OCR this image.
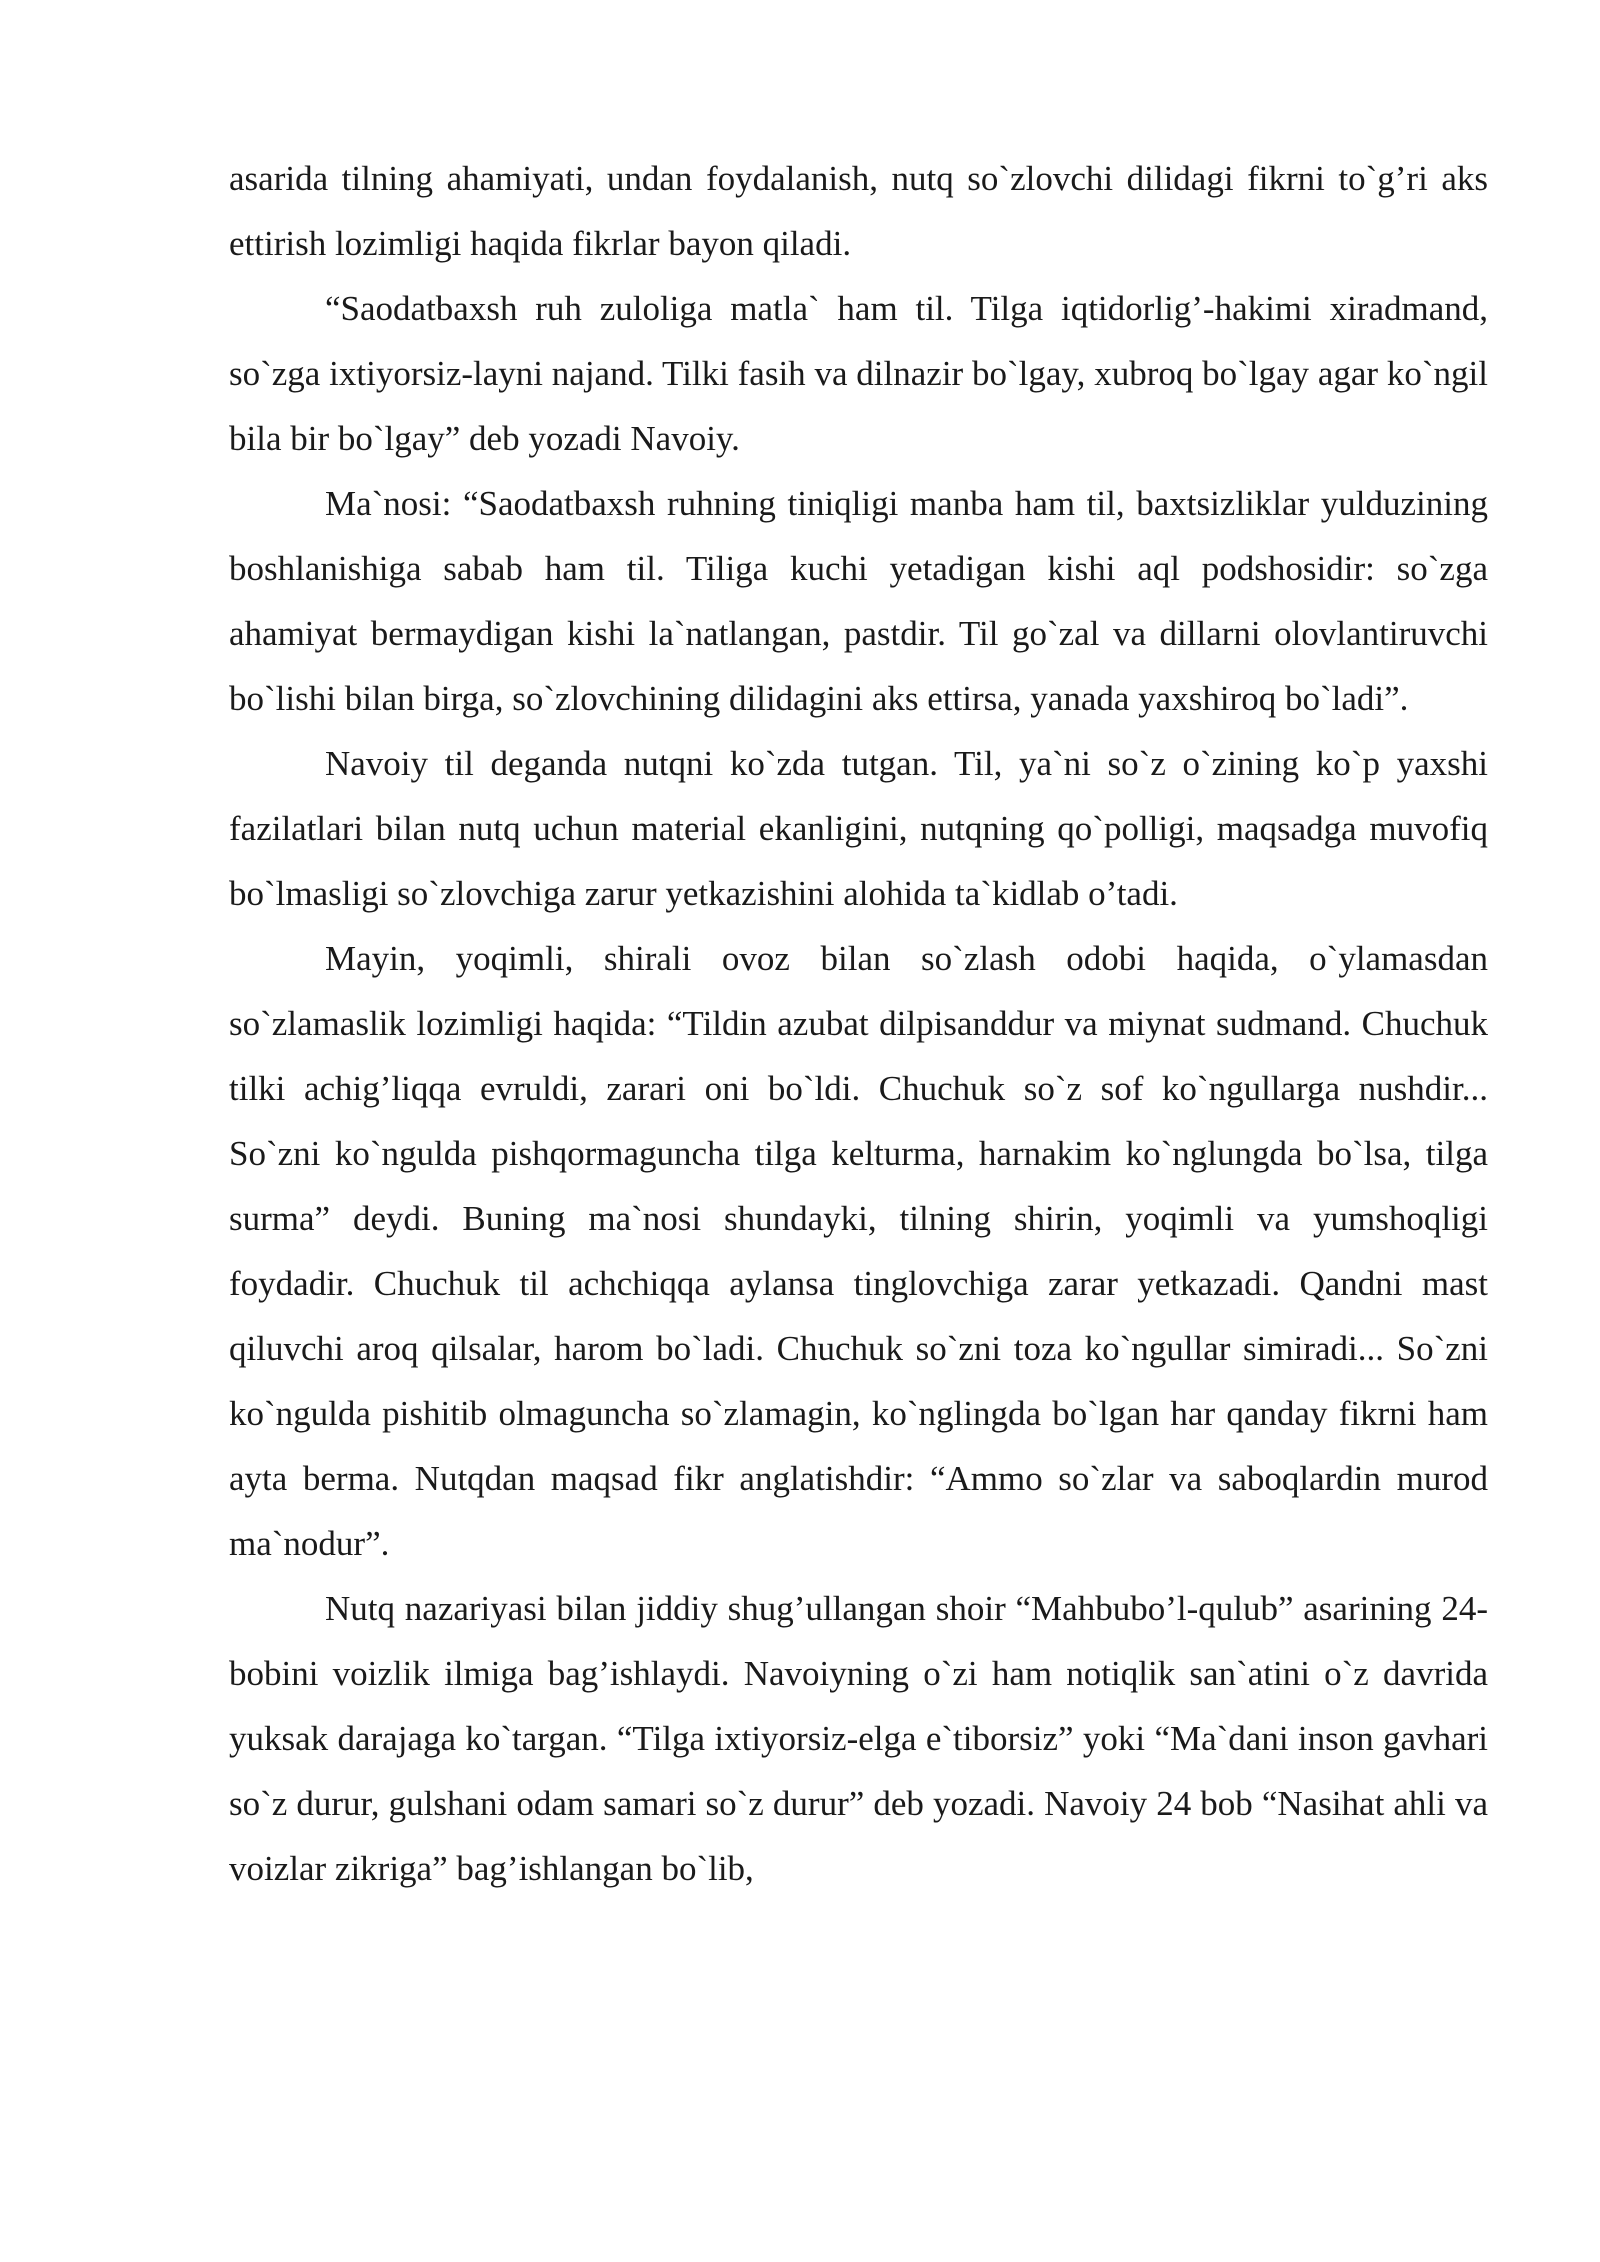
asarida tilning ahamiyati, undan foydalanish, nutq so`zlovchi dilidagi fikrni to`g’ri aks ettirish lozimligi haqida fikrlar bayon qiladi.

“Saodatbaxsh ruh zuloliga matla` ham til. Tilga iqtidorlig’-hakimi xiradmand, so`zga ixtiyorsiz-layni najand. Tilki fasih va dilnazir bo`lgay, xubroq bo`lgay agar ko`ngil bila bir bo`lgay” deb yozadi Navoiy.

Ma`nosi: “Saodatbaxsh ruhning tiniqligi manba ham til, baxtsizliklar yulduzining boshlanishiga sabab ham til. Tiliga kuchi yetadigan kishi aql podshosidir: so`zga ahamiyat bermaydigan kishi la`natlangan, pastdir. Til go`zal va dillarni olovlantiruvchi bo`lishi bilan birga, so`zlovchining dilidagini aks ettirsa, yanada yaxshiroq bo`ladi”.

Navoiy til deganda nutqni ko`zda tutgan. Til, ya`ni so`z o`zining ko`p yaxshi fazilatlari bilan nutq uchun material ekanligini, nutqning qo`polligi, maqsadga muvofiq bo`lmasligi so`zlovchiga zarur yetkazishini alohida ta`kidlab o’tadi.

Mayin, yoqimli, shirali ovoz bilan so`zlash odobi haqida, o`ylamasdan so`zlamaslik lozimligi haqida: “Tildin azubat dilpisanddur va miynat sudmand. Chuchuk tilki achig’liqqa evruldi, zarari oni bo`ldi. Chuchuk so`z sof ko`ngullarga nushdir... So`zni ko`ngulda pishqormaguncha tilga kelturma, harnakim ko`nglungda bo`lsa, tilga surma” deydi. Buning ma`nosi shundayki, tilning shirin, yoqimli va yumshoqligi foydadir. Chuchuk til achchiqqa aylansa tinglovchiga zarar yetkazadi. Qandni mast qiluvchi aroq qilsalar, harom bo`ladi. Chuchuk so`zni toza ko`ngullar simiradi... So`zni ko`ngulda pishitib olmaguncha so`zlamagin, ko`nglingda bo`lgan har qanday fikrni ham ayta berma. Nutqdan maqsad fikr anglatishdir: “Ammo so`zlar va saboqlardin murod ma`nodur”.

Nutq nazariyasi bilan jiddiy shug’ullangan shoir “Mahbubo’l-qulub” asarining 24-bobini voizlik ilmiga bag’ishlaydi. Navoiyning o`zi ham notiqlik san`atini o`z davrida yuksak darajaga ko`targan. “Tilga ixtiyorsiz-elga e`tiborsiz” yoki “Ma`dani inson gavhari so`z durur, gulshani odam samari so`z durur” deb yozadi. Navoiy 24 bob “Nasihat ahli va voizlar zikriga” bag’ishlangan bo`lib,
